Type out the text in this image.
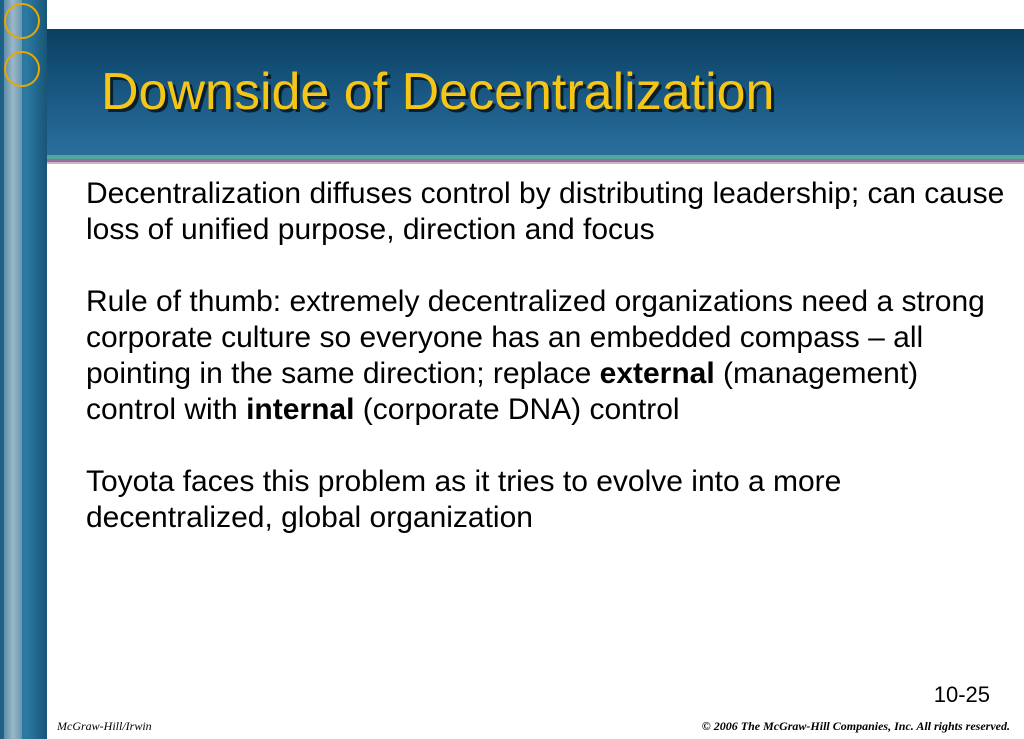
Downside of Decentralization

Decentralization diffuses control by distributing leadership; can cause loss of unified purpose, direction and focus

Rule of thumb: extremely decentralized organizations need a strong corporate culture so everyone has an embedded compass – all pointing in the same direction; replace external (management) control with internal (corporate DNA) control

Toyota faces this problem as it tries to evolve into a more decentralized, global organization

10-25
McGraw-Hill/Irwin	© 2006 The McGraw-Hill Companies, Inc. All rights reserved.
